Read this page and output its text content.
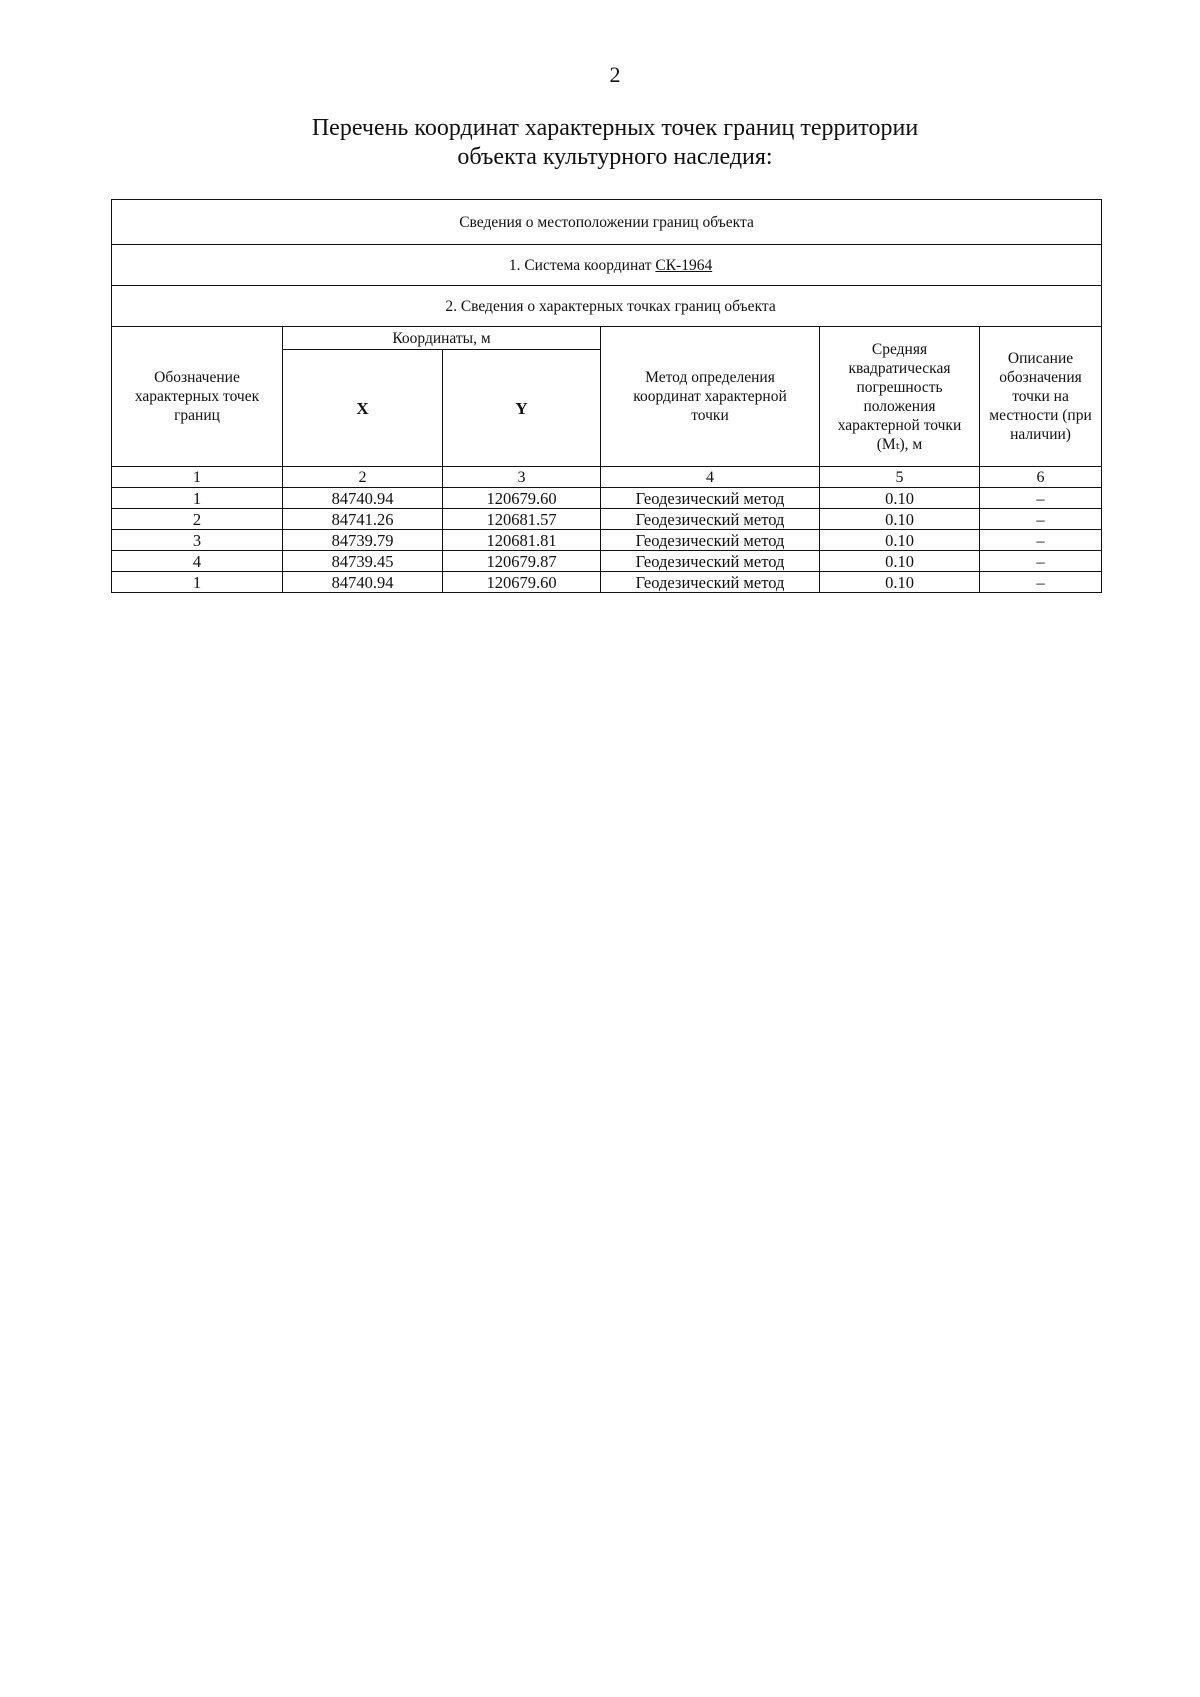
2
Перечень координат характерных точек границ территории
объекта культурного наследия:
Сведения о местоположении границ объекта					
1. Система координат СК-1964					
2. Сведения о характерных точках границ объекта					
Обозначение характерных точек границ	Координаты, м		Метод определения координат характерной точки	Средняя квадратическая погрешность положения характерной точки (Mₜ), м	Описание обозначения точки на местности (при наличии)
	X	Y			
1	2	3	4	5	6
1	84740.94	120679.60	Геодезический метод	0.10	–
2	84741.26	120681.57	Геодезический метод	0.10	–
3	84739.79	120681.81	Геодезический метод	0.10	–
4	84739.45	120679.87	Геодезический метод	0.10	–
1	84740.94	120679.60	Геодезический метод	0.10	–
